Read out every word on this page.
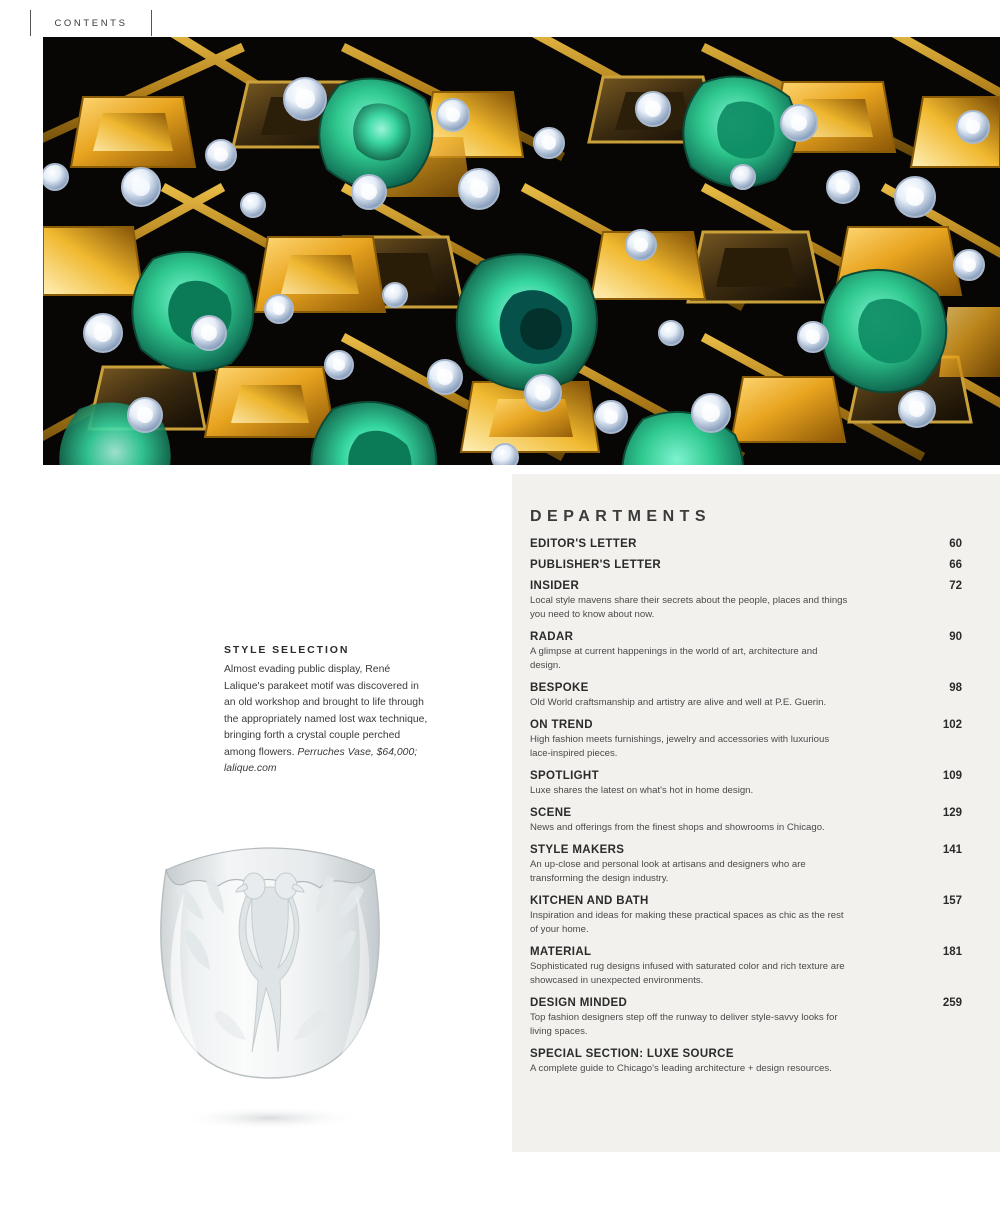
CONTENTS
STYLE SELECTION
Almost evading public display, René Lalique's parakeet motif was discovered in an old workshop and brought to life through the appropriately named lost wax technique, bringing forth a crystal couple perched among flowers. Perruches Vase, $64,000; lalique.com
DEPARTMENTS
EDITOR'S LETTER	60
PUBLISHER'S LETTER	66
INSIDER	72
Local style mavens share their secrets about the people, places and things you need to know about now.
RADAR	90
A glimpse at current happenings in the world of art, architecture and design.
BESPOKE	98
Old World craftsmanship and artistry are alive and well at P.E. Guerin.
ON TREND	102
High fashion meets furnishings, jewelry and accessories with luxurious lace-inspired pieces.
SPOTLIGHT	109
Luxe shares the latest on what's hot in home design.
SCENE	129
News and offerings from the finest shops and showrooms in Chicago.
STYLE MAKERS	141
An up-close and personal look at artisans and designers who are transforming the design industry.
KITCHEN AND BATH	157
Inspiration and ideas for making these practical spaces as chic as the rest of your home.
MATERIAL	181
Sophisticated rug designs infused with saturated color and rich texture are showcased in unexpected environments.
DESIGN MINDED	259
Top fashion designers step off the runway to deliver style-savvy looks for living spaces.
SPECIAL SECTION: LUXE SOURCE
A complete guide to Chicago's leading architecture + design resources.
